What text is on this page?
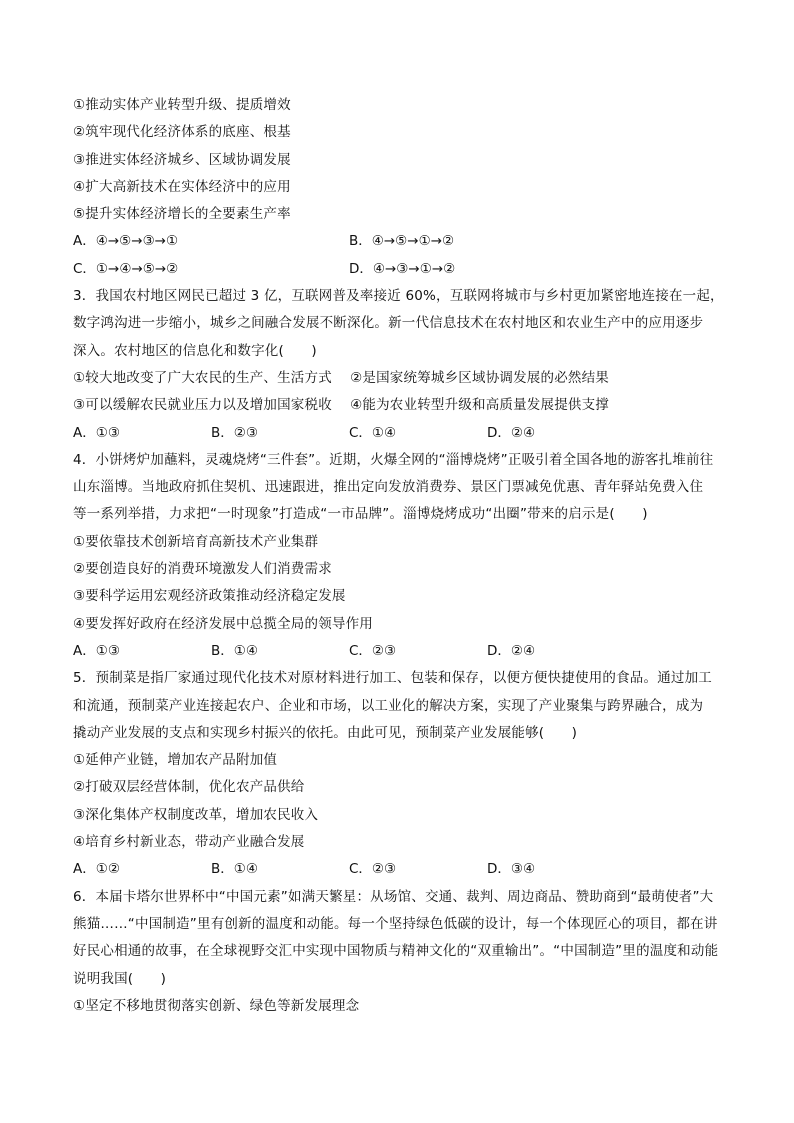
①推动实体产业转型升级、提质增效
②筑牢现代化经济体系的底座、根基
③推进实体经济城乡、区域协调发展
④扩大高新技术在实体经济中的应用
⑤提升实体经济增长的全要素生产率
A．④→⑤→③→①	B．④→⑤→①→②
C．①→④→⑤→②	D．④→③→①→②
3．我国农村地区网民已超过 3 亿，互联网普及率接近 60%，互联网将城市与乡村更加紧密地连接在一起，
数字鸿沟进一步缩小，城乡之间融合发展不断深化。新一代信息技术在农村地区和农业生产中的应用逐步
深入。农村地区的信息化和数字化(　　)
①较大地改变了广大农民的生产、生活方式　 ②是国家统筹城乡区域协调发展的必然结果
③可以缓解农民就业压力以及增加国家税收　 ④能为农业转型升级和高质量发展提供支撑
A．①③	B．②③	C．①④	D．②④
4．小饼烤炉加蘸料，灵魂烧烤“三件套”。近期，火爆全网的“淄博烧烤”正吸引着全国各地的游客扎堆前往
山东淄博。当地政府抓住契机、迅速跟进，推出定向发放消费券、景区门票减免优惠、青年驿站免费入住
等一系列举措，力求把“一时现象”打造成“一市品牌”。淄博烧烤成功“出圈”带来的启示是(　　)
①要依靠技术创新培育高新技术产业集群
②要创造良好的消费环境激发人们消费需求
③要科学运用宏观经济政策推动经济稳定发展
④要发挥好政府在经济发展中总揽全局的领导作用
A．①③	B．①④	C．②③	D．②④
5．预制菜是指厂家通过现代化技术对原材料进行加工、包装和保存，以便方便快捷使用的食品。通过加工
和流通，预制菜产业连接起农户、企业和市场，以工业化的解决方案，实现了产业聚集与跨界融合，成为
撬动产业发展的支点和实现乡村振兴的依托。由此可见，预制菜产业发展能够(　　)
①延伸产业链，增加农产品附加值
②打破双层经营体制，优化农产品供给
③深化集体产权制度改革，增加农民收入
④培育乡村新业态，带动产业融合发展
A．①②	B．①④	C．②③	D．③④
6．本届卡塔尔世界杯中“中国元素”如满天繁星：从场馆、交通、裁判、周边商品、赞助商到“最萌使者”大
熊猫……“中国制造”里有创新的温度和动能。每一个坚持绿色低碳的设计，每一个体现匠心的项目，都在讲
好民心相通的故事，在全球视野交汇中实现中国物质与精神文化的“双重输出”。“中国制造”里的温度和动能
说明我国(　　)
①坚定不移地贯彻落实创新、绿色等新发展理念
